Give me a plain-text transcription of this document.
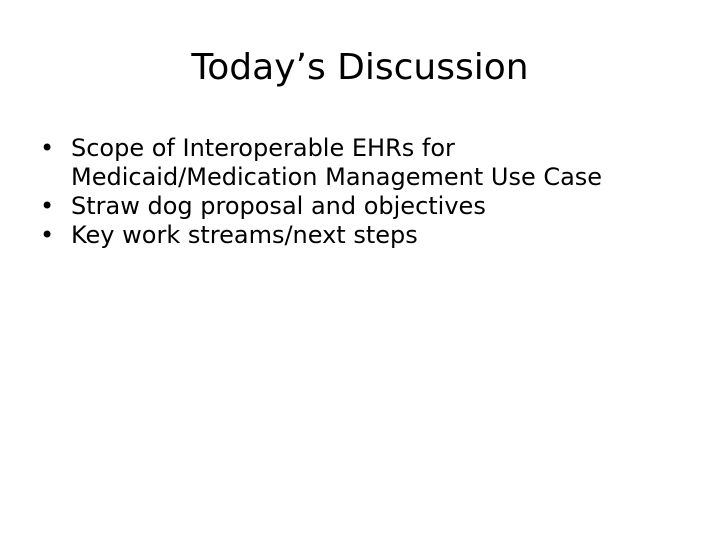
Today’s Discussion
• Scope of Interoperable EHRs for Medicaid/Medication Management Use Case
• Straw dog proposal and objectives
• Key work streams/next steps
